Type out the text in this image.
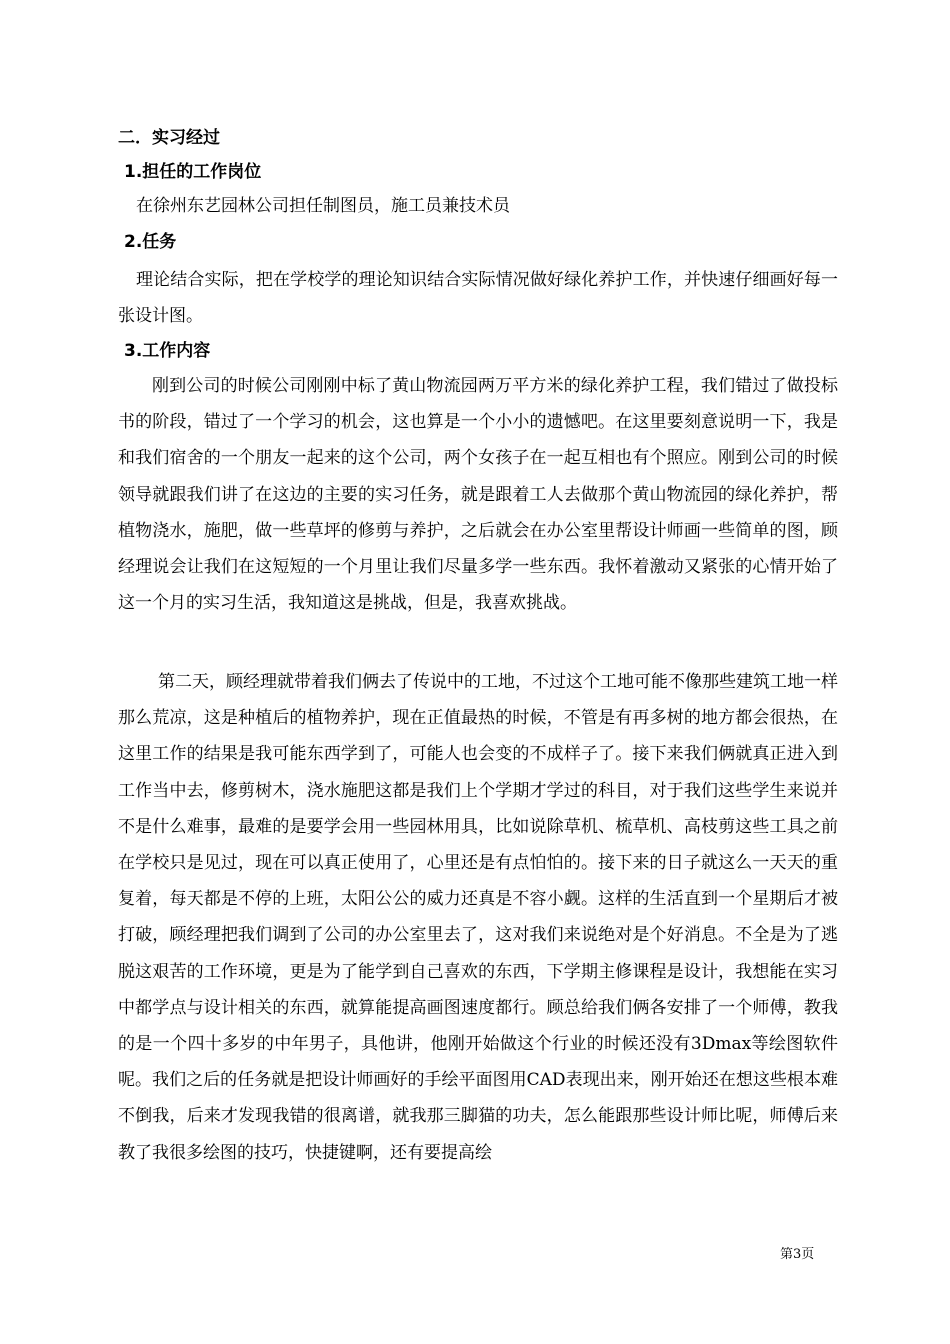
二．实习经过
1.担任的工作岗位

在徐州东艺园林公司担任制图员，施工员兼技术员

2.任务

理论结合实际，把在学校学的理论知识结合实际情况做好绿化养护工作，并快速仔细画好每一张设计图。

3.工作内容

刚到公司的时候公司刚刚中标了黄山物流园两万平方米的绿化养护工程，我们错过了做投标书的阶段，错过了一个学习的机会，这也算是一个小小的遗憾吧。在这里要刻意说明一下，我是和我们宿舍的一个朋友一起来的这个公司，两个女孩子在一起互相也有个照应。刚到公司的时候领导就跟我们讲了在这边的主要的实习任务，就是跟着工人去做那个黄山物流园的绿化养护，帮植物浇水，施肥，做一些草坪的修剪与养护，之后就会在办公室里帮设计师画一些简单的图，顾经理说会让我们在这短短的一个月里让我们尽量多学一些东西。我怀着激动又紧张的心情开始了这一个月的实习生活，我知道这是挑战，但是，我喜欢挑战。

第二天，顾经理就带着我们俩去了传说中的工地，不过这个工地可能不像那些建筑工地一样那么荒凉，这是种植后的植物养护，现在正值最热的时候，不管是有再多树的地方都会很热，在这里工作的结果是我可能东西学到了，可能人也会变的不成样子了。接下来我们俩就真正进入到工作当中去，修剪树木，浇水施肥这都是我们上个学期才学过的科目，对于我们这些学生来说并不是什么难事，最难的是要学会用一些园林用具，比如说除草机、梳草机、高枝剪这些工具之前在学校只是见过，现在可以真正使用了，心里还是有点怕怕的。接下来的日子就这么一天天的重复着，每天都是不停的上班，太阳公公的威力还真是不容小觑。这样的生活直到一个星期后才被打破，顾经理把我们调到了公司的办公室里去了，这对我们来说绝对是个好消息。不全是为了逃脱这艰苦的工作环境，更是为了能学到自己喜欢的东西，下学期主修课程是设计，我想能在实习中都学点与设计相关的东西，就算能提高画图速度都行。顾总给我们俩各安排了一个师傅，教我的是一个四十多岁的中年男子，具他讲，他刚开始做这个行业的时候还没有3Dmax等绘图软件呢。我们之后的任务就是把设计师画好的手绘平面图用CAD表现出来，刚开始还在想这些根本难不倒我，后来才发现我错的很离谱，就我那三脚猫的功夫，怎么能跟那些设计师比呢，师傅后来教了我很多绘图的技巧，快捷键啊，还有要提高绘

第3页
